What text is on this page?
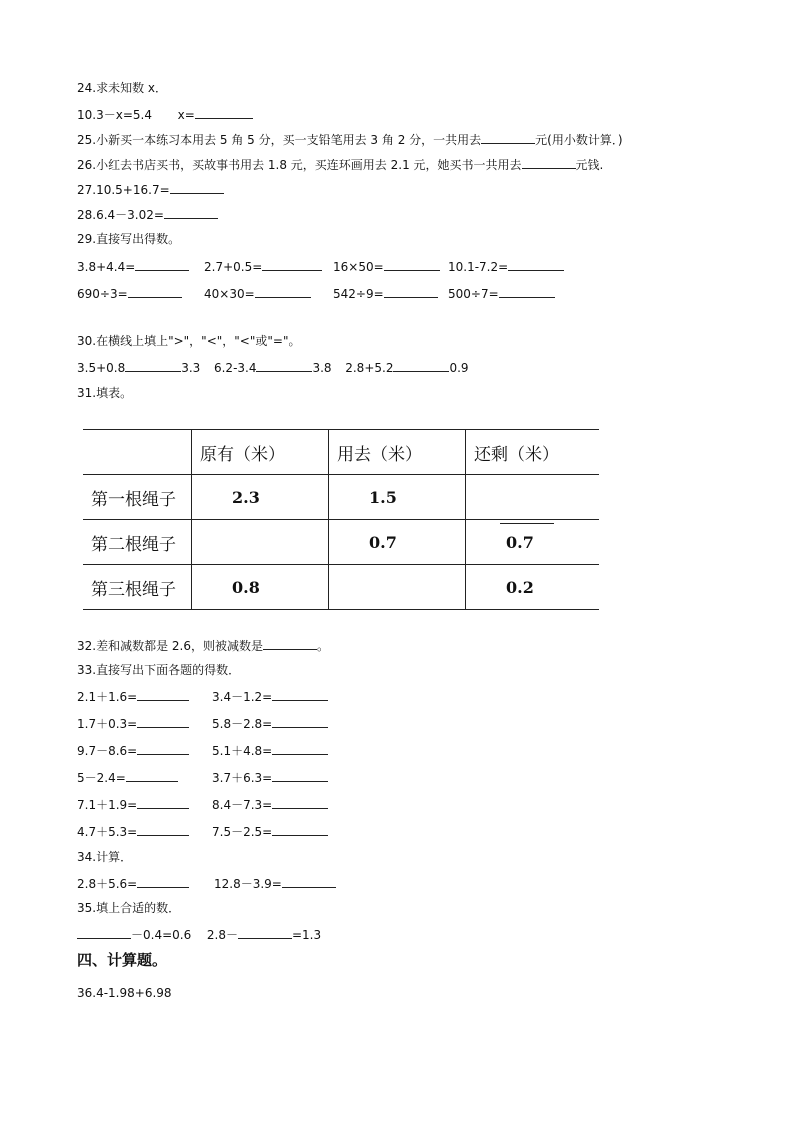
24.求未知数 x．
10.3－x=5.4 x=
25.小新买一本练习本用去 5 角 5 分，买一支铅笔用去 3 角 2 分，一共用去	元(用小数计算．)
26.小红去书店买书，买故事书用去 1.8 元，买连环画用去 2.1 元，她买书一共用去	元钱.
27.10.5+16.7=
28.6.4－3.02=
29.直接写出得数。
3.8+4.4=	2.7+0.5=	16×50=	10.1-7.2=
690÷3=	40×30=	542÷9=	500÷7=
30.在横线上填上">"，"<"，"<"或"="。
3.5+0.8	3.3 6.2-3.4	3.8 2.8+5.2	0.9
31.填表。
	原有（米）	用去（米）	还剩（米）
第一根绳子	2.3	1.5	
第二根绳子		0.7	0.7
第三根绳子	0.8		0.2
32.差和减数都是 2.6，则被减数是	。
33.直接写出下面各题的得数．
2.1＋1.6=	3.4－1.2=
1.7＋0.3=	5.8－2.8=
9.7－8.6=	5.1＋4.8=
5－2.4=	3.7＋6.3=
7.1＋1.9=	8.4－7.3=
4.7＋5.3=	7.5－2.5=
34.计算．
2.8＋5.6=	12.8－3.9=
35.填上合适的数．
－0.4=0.6 2.8－	=1.3
四、计算题。
36.4-1.98+6.98
